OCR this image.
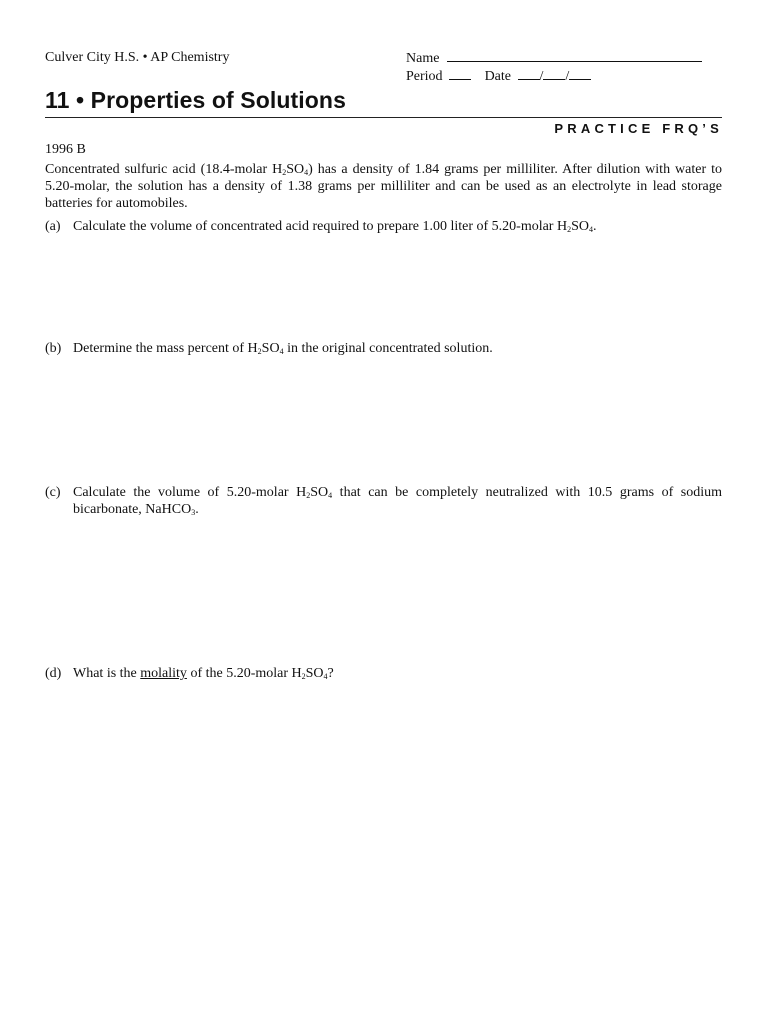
Culver City H.S. • AP Chemistry	Name
Period	Date / /
11 • Properties of Solutions
PRACTICE FRQ’S
1996 B
Concentrated sulfuric acid (18.4-molar $H_2SO_4$) has a density of 1.84 grams per milliliter. After dilution with water to 5.20-molar, the solution has a density of 1.38 grams per milliliter and can be used as an electrolyte in lead storage batteries for automobiles.
(a) Calculate the volume of concentrated acid required to prepare 1.00 liter of 5.20-molar $H_2SO_4$.
(b) Determine the mass percent of $H_2SO_4$ in the original concentrated solution.
(c) Calculate the volume of 5.20-molar $H_2SO_4$ that can be completely neutralized with 10.5 grams of sodium bicarbonate, NaHCO$_3$.
(d) What is the molality of the 5.20-molar $H_2SO_4$?
